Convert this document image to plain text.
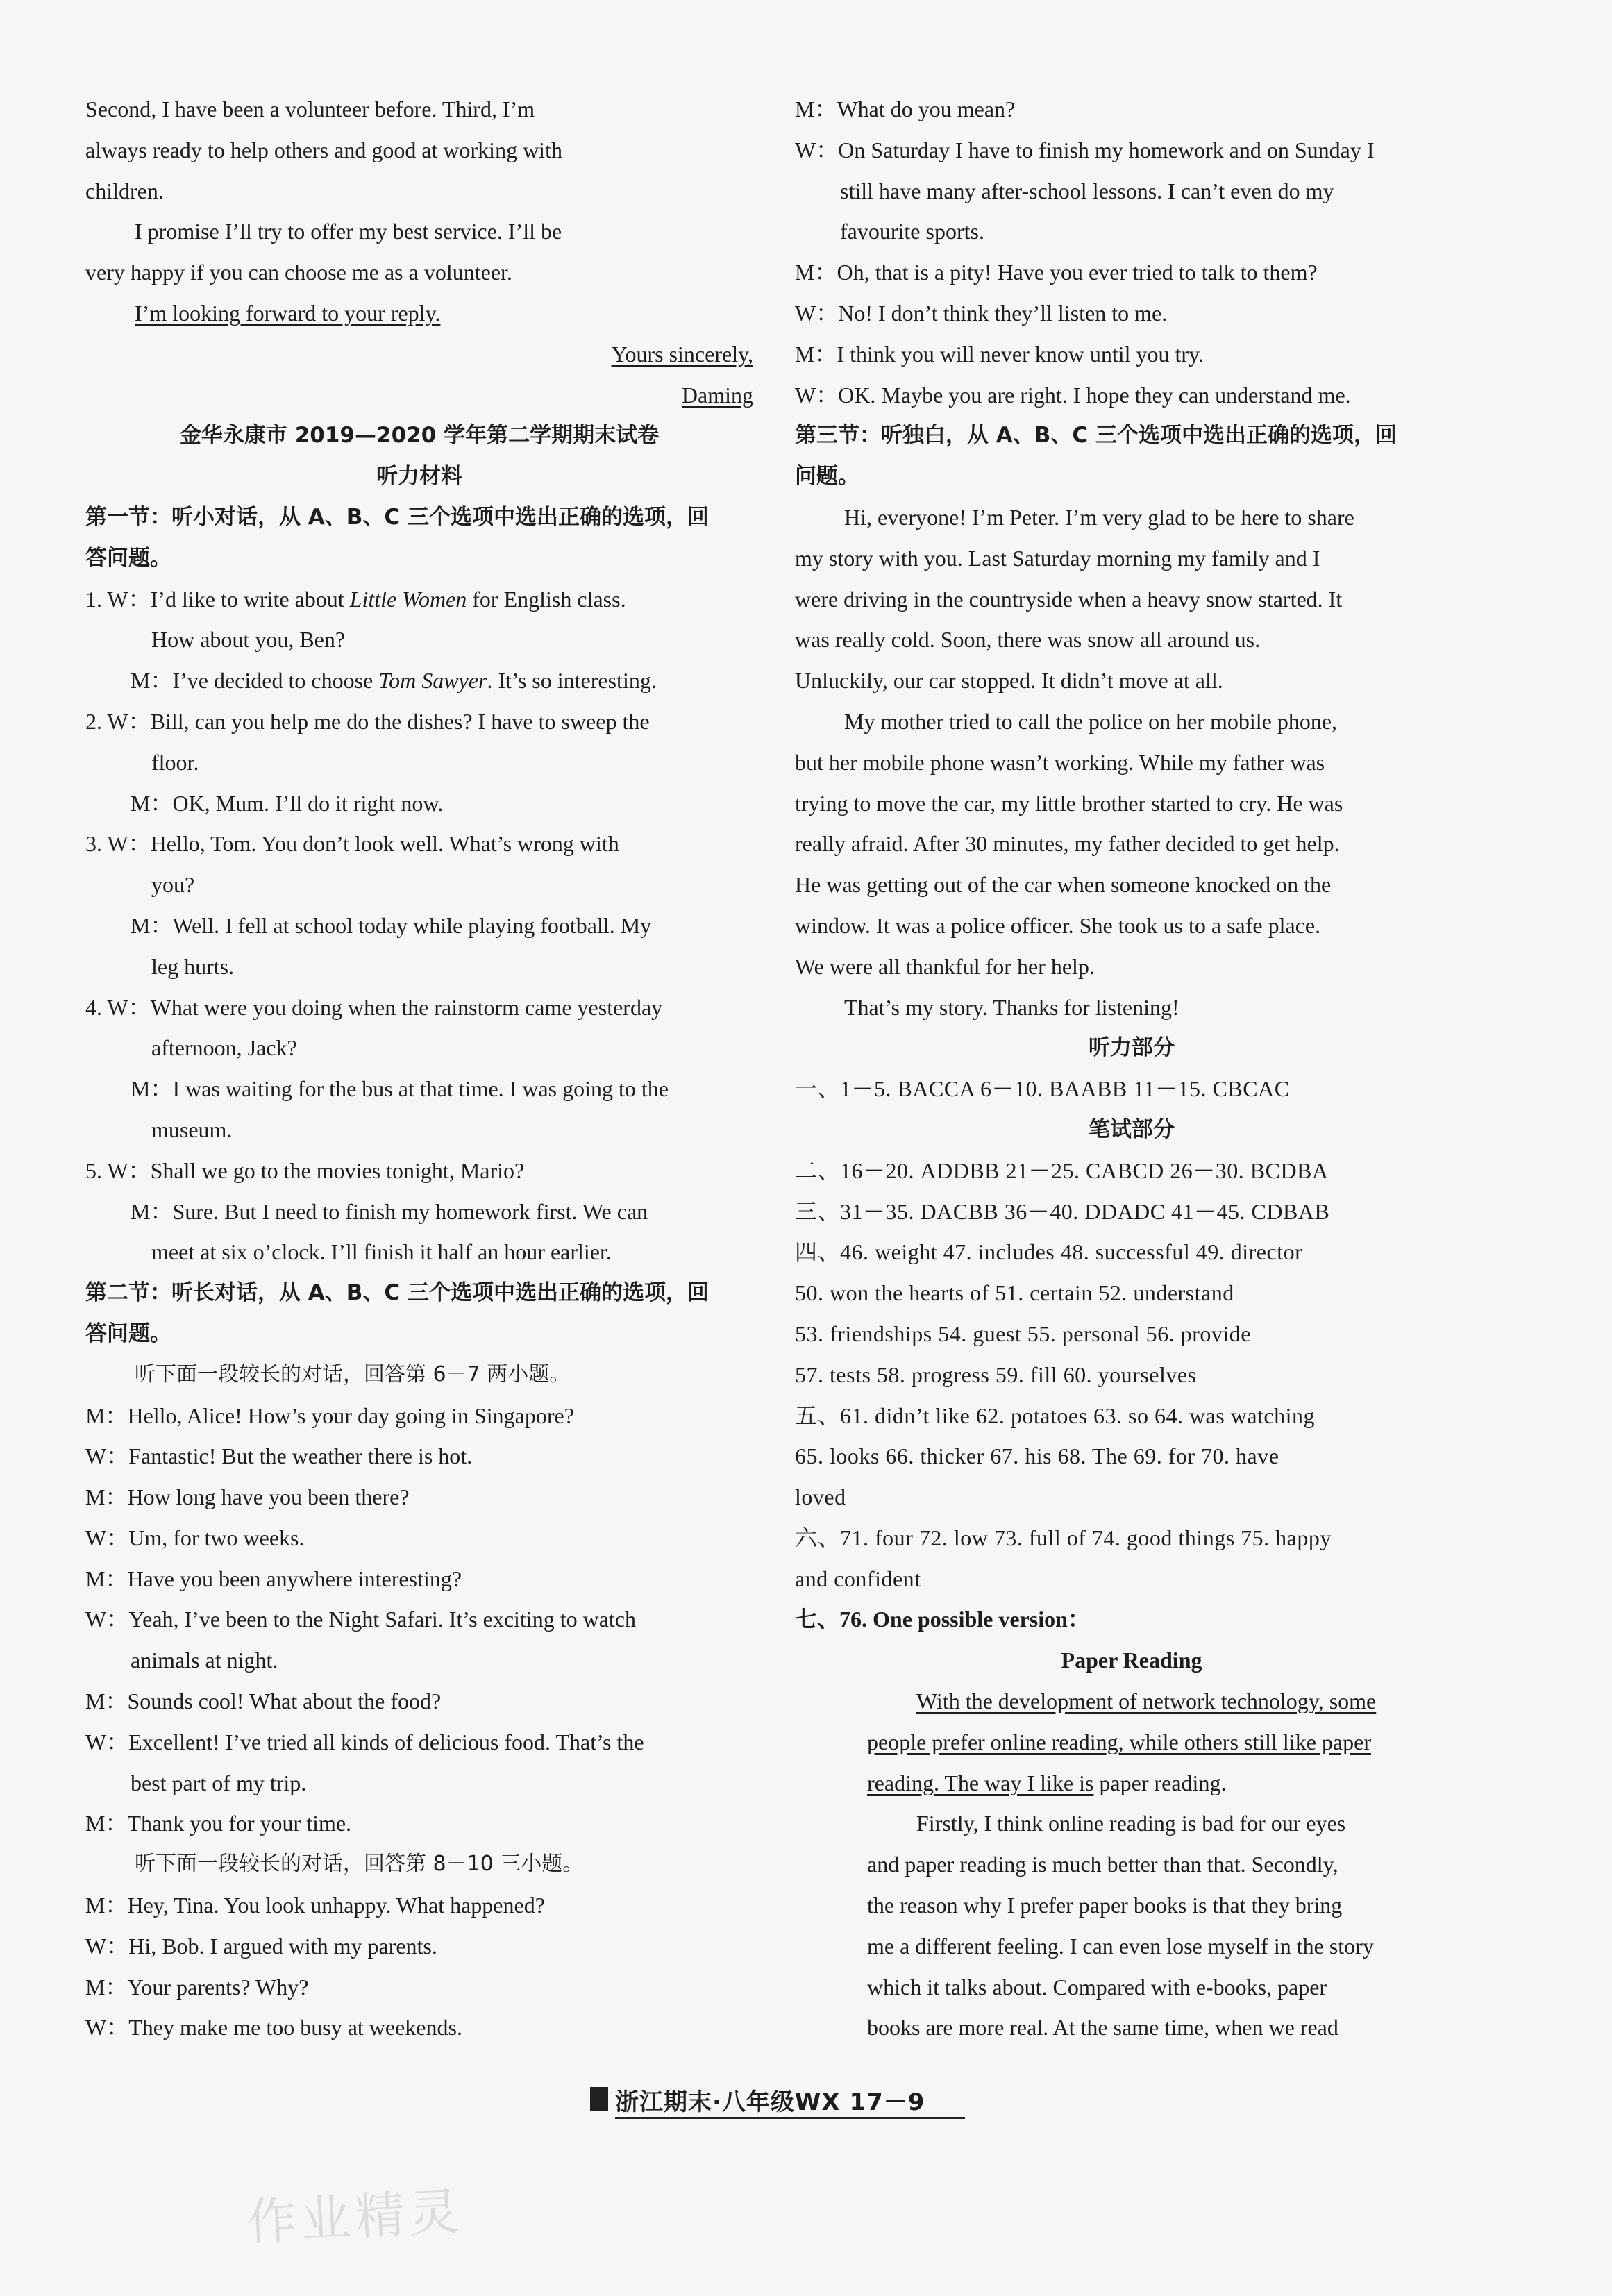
Second, I have been a volunteer before. Third, I’m
always ready to help others and good at working with
children.
I promise I’ll try to offer my best service. I’ll be
very happy if you can choose me as a volunteer.
I’m looking forward to your reply.
Yours sincerely,
Daming
金华永康市 2019—2020 学年第二学期期末试卷
听力材料
第一节：听小对话，从 A、B、C 三个选项中选出正确的选项，回
答问题。
1. W：I’d like to write about Little Women for English class.
How about you, Ben?
M：I’ve decided to choose Tom Sawyer. It’s so interesting.
2. W：Bill, can you help me do the dishes? I have to sweep the
floor.
M：OK, Mum. I’ll do it right now.
3. W：Hello, Tom. You don’t look well. What’s wrong with
you?
M：Well. I fell at school today while playing football. My
leg hurts.
4. W：What were you doing when the rainstorm came yesterday
afternoon, Jack?
M：I was waiting for the bus at that time. I was going to the
museum.
5. W：Shall we go to the movies tonight, Mario?
M：Sure. But I need to finish my homework first. We can
meet at six o’clock. I’ll finish it half an hour earlier.
第二节：听长对话，从 A、B、C 三个选项中选出正确的选项，回
答问题。
听下面一段较长的对话，回答第 6－7 两小题。
M：Hello, Alice! How’s your day going in Singapore?
W：Fantastic! But the weather there is hot.
M：How long have you been there?
W：Um, for two weeks.
M：Have you been anywhere interesting?
W：Yeah, I’ve been to the Night Safari. It’s exciting to watch
animals at night.
M：Sounds cool! What about the food?
W：Excellent! I’ve tried all kinds of delicious food. That’s the
best part of my trip.
M：Thank you for your time.
听下面一段较长的对话，回答第 8－10 三小题。
M：Hey, Tina. You look unhappy. What happened?
W：Hi, Bob. I argued with my parents.
M：Your parents? Why?
W：They make me too busy at weekends.
M：What do you mean?
W：On Saturday I have to finish my homework and on Sunday I
still have many after-school lessons. I can’t even do my
favourite sports.
M：Oh, that is a pity! Have you ever tried to talk to them?
W：No! I don’t think they’ll listen to me.
M：I think you will never know until you try.
W：OK. Maybe you are right. I hope they can understand me.
第三节：听独白，从 A、B、C 三个选项中选出正确的选项，回
问题。
Hi, everyone! I’m Peter. I’m very glad to be here to share
my story with you. Last Saturday morning my family and I
were driving in the countryside when a heavy snow started. It
was really cold. Soon, there was snow all around us.
Unluckily, our car stopped. It didn’t move at all.
My mother tried to call the police on her mobile phone,
but her mobile phone wasn’t working. While my father was
trying to move the car, my little brother started to cry. He was
really afraid. After 30 minutes, my father decided to get help.
He was getting out of the car when someone knocked on the
window. It was a police officer. She took us to a safe place.
We were all thankful for her help.
That’s my story. Thanks for listening!
听力部分
一、1－5. BACCA 6－10. BAABB 11－15. CBCAC
笔试部分
二、16－20. ADDBB 21－25. CABCD 26－30. BCDBA
三、31－35. DACBB 36－40. DDADC 41－45. CDBAB
四、46. weight 47. includes 48. successful 49. director
50. won the hearts of 51. certain 52. understand
53. friendships 54. guest 55. personal 56. provide
57. tests 58. progress 59. fill 60. yourselves
五、61. didn’t like 62. potatoes 63. so 64. was watching
65. looks 66. thicker 67. his 68. The 69. for 70. have
loved
六、71. four 72. low 73. full of 74. good things 75. happy
and confident
七、76. One possible version：
Paper Reading
With the development of network technology, some
people prefer online reading, while others still like paper
reading. The way I like is paper reading.
Firstly, I think online reading is bad for our eyes
and paper reading is much better than that. Secondly,
the reason why I prefer paper books is that they bring
me a different feeling. I can even lose myself in the story
which it talks about. Compared with e-books, paper
books are more real. At the same time, when we read
浙江期末·八年级WX 17－9
作业精灵
